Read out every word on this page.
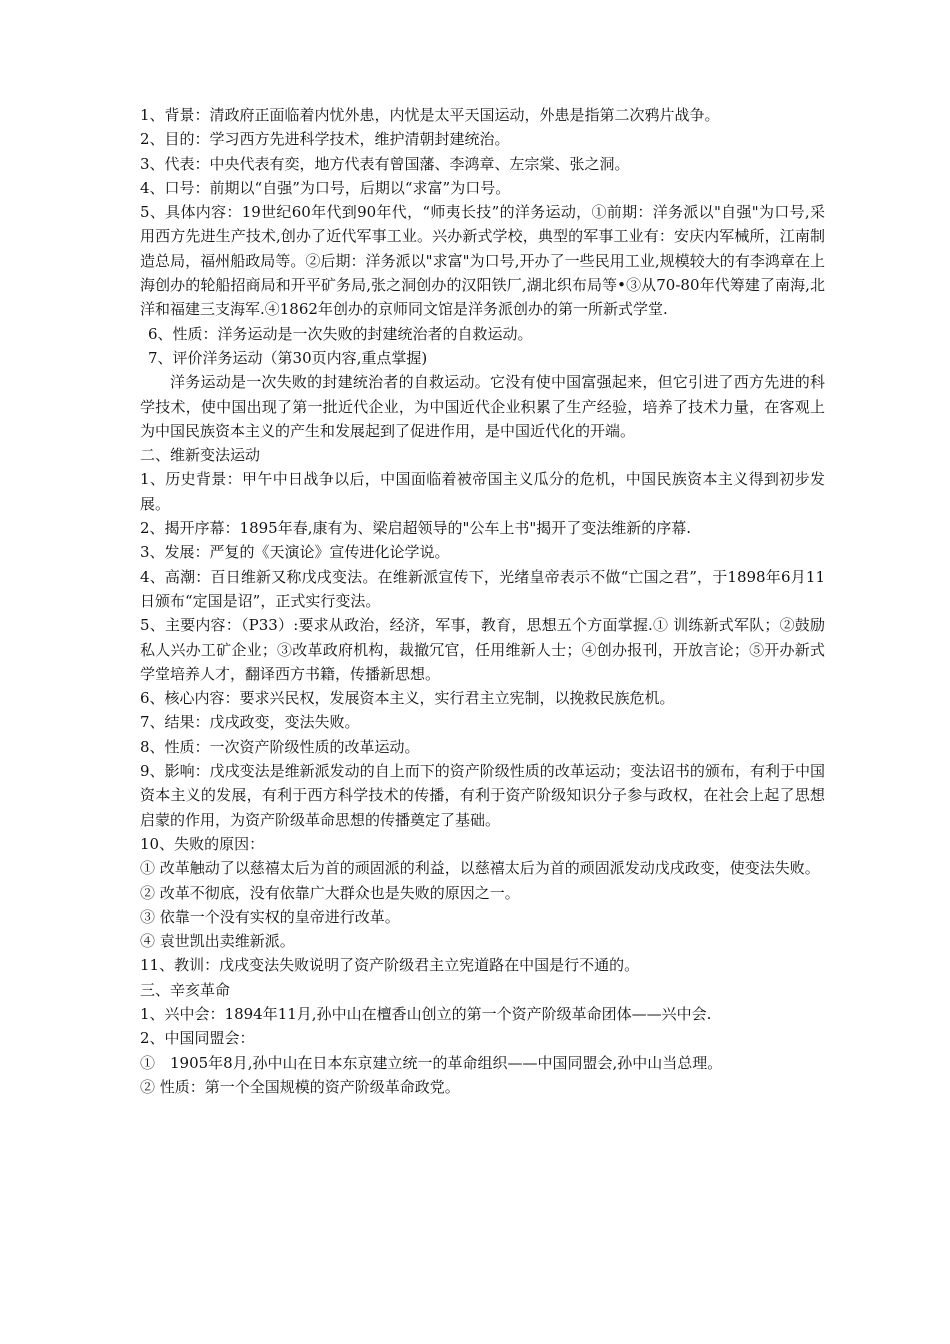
1、背景：清政府正面临着内忧外患，内忧是太平天国运动，外患是指第二次鸦片战争。

2、目的：学习西方先进科学技术，维护清朝封建统治。

3、代表：中央代表有奕，地方代表有曾国藩、李鸿章、左宗棠、张之洞。

4、口号：前期以“自强”为口号，后期以“求富”为口号。

5、具体内容：19世纪60年代到90年代，“师夷长技”的洋务运动，①前期：洋务派以"自强"为口号,采用西方先进生产技术,创办了近代军事工业。兴办新式学校，典型的军事工业有：安庆内军械所，江南制造总局，福州船政局等。②后期：洋务派以"求富"为口号,开办了一些民用工业,规模较大的有李鸿章在上海创办的轮船招商局和开平矿务局,张之洞创办的汉阳铁厂,湖北织布局等•③从70-80年代筹建了南海,北洋和福建三支海军.④1862年创办的京师同文馆是洋务派创办的第一所新式学堂.

6、性质：洋务运动是一次失败的封建统治者的自救运动。

7、评价洋务运动（第30页内容,重点掌握)

洋务运动是一次失败的封建统治者的自救运动。它没有使中国富强起来，但它引进了西方先进的科学技术，使中国出现了第一批近代企业，为中国近代企业积累了生产经验，培养了技术力量，在客观上为中国民族资本主义的产生和发展起到了促进作用，是中国近代化的开端。

二、维新变法运动

1、历史背景：甲午中日战争以后，中国面临着被帝国主义瓜分的危机，中国民族资本主义得到初步发展。

2、揭开序幕：1895年春,康有为、梁启超领导的"公车上书"揭开了变法维新的序幕.

3、发展：严复的《天演论》宣传进化论学说。

4、高潮：百日维新又称戊戌变法。在维新派宣传下，光绪皇帝表示不做“亡国之君”，于1898年6月11日颁布“定国是诏”，正式实行变法。

5、主要内容：（P33）:要求从政治，经济，军事，教育，思想五个方面掌握.① 训练新式军队；②鼓励私人兴办工矿企业；③改革政府机构，裁撤冗官，任用维新人士；④创办报刊，开放言论；⑤开办新式学堂培养人才，翻译西方书籍，传播新思想。

6、核心内容：要求兴民权，发展资本主义，实行君主立宪制，以挽救民族危机。

7、结果：戊戌政变，变法失败。

8、性质：一次资产阶级性质的改革运动。

9、影响：戊戌变法是维新派发动的自上而下的资产阶级性质的改革运动；变法诏书的颁布，有利于中国资本主义的发展，有利于西方科学技术的传播，有利于资产阶级知识分子参与政权，在社会上起了思想启蒙的作用，为资产阶级革命思想的传播奠定了基础。

10、失败的原因：

① 改革触动了以慈禧太后为首的顽固派的利益，以慈禧太后为首的顽固派发动戊戌政变，使变法失败。

② 改革不彻底，没有依靠广大群众也是失败的原因之一。

③ 依靠一个没有实权的皇帝进行改革。

④ 袁世凯出卖维新派。

11、教训：戊戌变法失败说明了资产阶级君主立宪道路在中国是行不通的。

三、辛亥革命

1、兴中会：1894年11月,孙中山在檀香山创立的第一个资产阶级革命团体——兴中会.

2、中国同盟会：

①　1905年8月,孙中山在日本东京建立统一的革命组织——中国同盟会,孙中山当总理。

② 性质：第一个全国规模的资产阶级革命政党。
